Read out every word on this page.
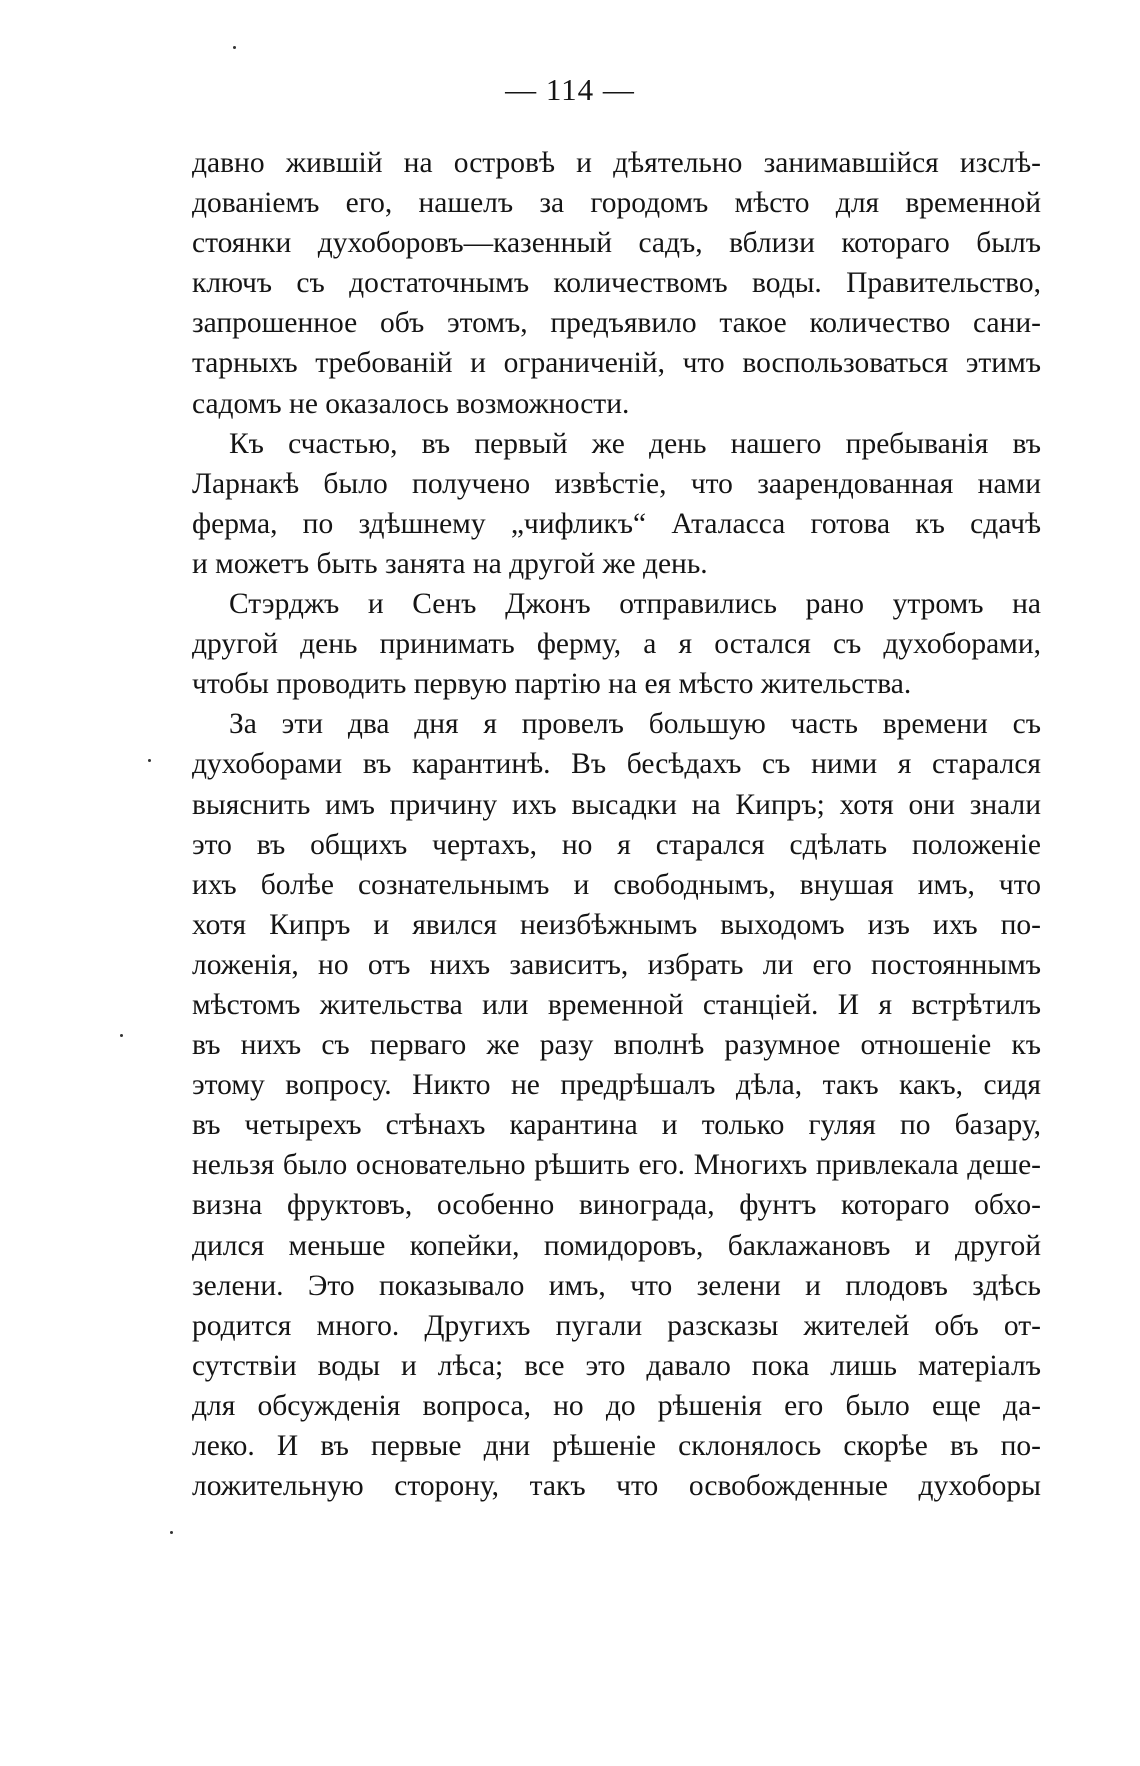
— 114 —
давно жившій на островѣ и дѣятельно занимавшійся изслѣ-
дованіемъ его, нашелъ за городомъ мѣсто для временной
стоянки духоборовъ—казенный садъ, вблизи котораго былъ
ключъ съ достаточнымъ количествомъ воды. Правительство,
запрошенное объ этомъ, предъявило такое количество сани-
тарныхъ требованій и ограниченій, что воспользоваться этимъ
садомъ не оказалось возможности.
Къ счастью, въ первый же день нашего пребыванія въ
Ларнакѣ было получено извѣстіе, что заарендованная нами
ферма, по здѣшнему „чифликъ“ Аталасса готова къ сдачѣ
и можетъ быть занята на другой же день.
Стэрджъ и Сенъ Джонъ отправились рано утромъ на
другой день принимать ферму, а я остался съ духоборами,
чтобы проводить первую партію на ея мѣсто жительства.
За эти два дня я провелъ большую часть времени съ
духоборами въ карантинѣ. Въ бесѣдахъ съ ними я старался
выяснить имъ причину ихъ высадки на Кипръ; хотя они знали
это въ общихъ чертахъ, но я старался сдѣлать положеніе
ихъ болѣе сознательнымъ и свободнымъ, внушая имъ, что
хотя Кипръ и явился неизбѣжнымъ выходомъ изъ ихъ по-
ложенія, но отъ нихъ зависитъ, избрать ли его постояннымъ
мѣстомъ жительства или временной станціей. И я встрѣтилъ
въ нихъ съ перваго же разу вполнѣ разумное отношеніе къ
этому вопросу. Никто не предрѣшалъ дѣла, такъ какъ, сидя
въ четырехъ стѣнахъ карантина и только гуляя по базару,
нельзя было основательно рѣшить его. Многихъ привлекала деше-
визна фруктовъ, особенно винограда, фунтъ котораго обхо-
дился меньше копейки, помидоровъ, баклажановъ и другой
зелени. Это показывало имъ, что зелени и плодовъ здѣсь
родится много. Другихъ пугали разсказы жителей объ от-
сутствіи воды и лѣса; все это давало пока лишь матеріалъ
для обсужденія вопроса, но до рѣшенія его было еще да-
леко. И въ первые дни рѣшеніе склонялось скорѣе въ по-
ложительную сторону, такъ что освобожденные духоборы
